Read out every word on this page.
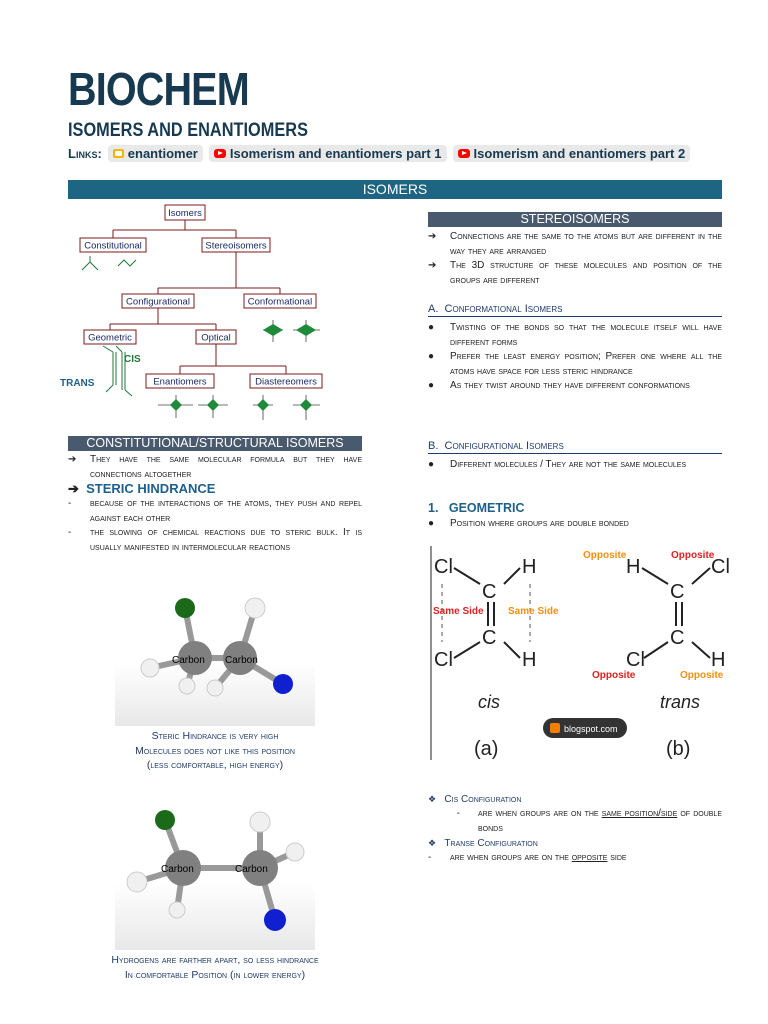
BIOCHEM
ISOMERS AND ENANTIOMERS
Links: enantiomer Isomerism and enantiomers part 1 Isomerism and enantiomers part 2
ISOMERS
Isomers
Constitutional	Stereoisomers
Configurational	Conformational
Geometric	Optical
Enantiomers	Diastereomers
CIS
TRANS
CONSTITUTIONAL/STRUCTURAL ISOMERS
➔	They have the same molecular formula but they have connections altogether
➔ STERIC HINDRANCE
-	because of the interactions of the atoms, they push and repel against each other
-	the slowing of chemical reactions due to steric bulk. It is usually manifested in intermolecular reactions
Carbon Carbon
Steric Hindrance is very high
Molecules does not like this position
(less comfortable, high energy)
Carbon	Carbon
Hydrogens are farther apart, so less hindrance
In comfortable Position (in lower energy)
STEREOISOMERS
➔	Connections are the same to the atoms but are different in the way they are arranged
➔	The 3D structure of these molecules and position of the groups are different
A. Conformational Isomers
●	Twisting of the bonds so that the molecule itself will have different forms
●	Prefer the least energy position; Prefer one where all the atoms have space for less steric hindrance
●	As they twist around they have different conformations
B. Configurational Isomers
●	Different molecules / They are not the same molecules
1. GEOMETRIC
●	Position where groups are double bonded
Cl	H
C
C
Cl	H
H	Cl
C
C
Cl	H
Same Side Same Side
Opposite	Opposite
Opposite	Opposite
cis	trans
(a)	(b)
blogspot.com
❖ Cis Configuration
-	are when groups are on the same position/side of double bonds
❖ Transe Configuration
-	are when groups are on the opposite side
